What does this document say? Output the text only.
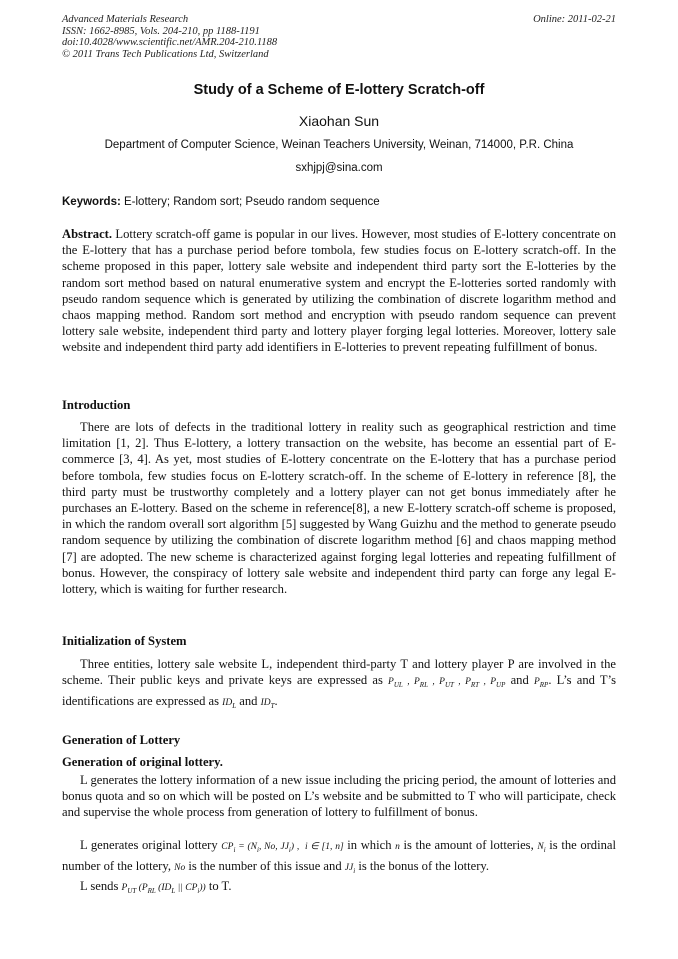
Advanced Materials Research
ISSN: 1662-8985, Vols. 204-210, pp 1188-1191
doi:10.4028/www.scientific.net/AMR.204-210.1188
© 2011 Trans Tech Publications Ltd, Switzerland
Online: 2011-02-21
Study of a Scheme of E-lottery Scratch-off
Xiaohan Sun
Department of Computer Science, Weinan Teachers University, Weinan, 714000, P.R. China
sxhjpj@sina.com
Keywords: E-lottery; Random sort; Pseudo random sequence
Abstract. Lottery scratch-off game is popular in our lives. However, most studies of E-lottery concentrate on the E-lottery that has a purchase period before tombola, few studies focus on E-lottery scratch-off. In the scheme proposed in this paper, lottery sale website and independent third party sort the E-lotteries by the random sort method based on natural enumerative system and encrypt the E-lotteries sorted randomly with pseudo random sequence which is generated by utilizing the combination of discrete logarithm method and chaos mapping method. Random sort method and encryption with pseudo random sequence can prevent lottery sale website, independent third party and lottery player forging legal lotteries. Moreover, lottery sale website and independent third party add identifiers in E-lotteries to prevent repeating fulfillment of bonus.
Introduction
There are lots of defects in the traditional lottery in reality such as geographical restriction and time limitation [1, 2]. Thus E-lottery, a lottery transaction on the website, has become an essential part of E-commerce [3, 4]. As yet, most studies of E-lottery concentrate on the E-lottery that has a purchase period before tombola, few studies focus on E-lottery scratch-off. In the scheme of E-lottery in reference [8], the third party must be trustworthy completely and a lottery player can not get bonus immediately after he purchases an E-lottery. Based on the scheme in reference[8], a new E-lottery scratch-off scheme is proposed, in which the random overall sort algorithm [5] suggested by Wang Guizhu and the method to generate pseudo random sequence by utilizing the combination of discrete logarithm method [6] and chaos mapping method [7] are adopted. The new scheme is characterized against forging legal lotteries and repeating fulfillment of bonus. However, the conspiracy of lottery sale website and independent third party can forge any legal E-lottery, which is waiting for further research.
Initialization of System
Three entities, lottery sale website L, independent third-party T and lottery player P are involved in the scheme. Their public keys and private keys are expressed as $P_{UL}$ , $P_{RL}$ , $P_{UT}$ , $P_{RT}$ , $P_{UP}$ and $P_{RP}$. L’s and T’s identifications are expressed as $ID_L$ and $ID_T$.
Generation of Lottery
Generation of original lottery.
L generates the lottery information of a new issue including the pricing period, the amount of lotteries and bonus quota and so on which will be posted on L’s website and be submitted to T who will participate, check and supervise the whole process from generation of lottery to fulfillment of bonus.
L generates original lottery $CP_i = (N_i$, No, $JJ_i$) ,  i ∈ [1, n] in which n is the amount of lotteries, $N_i$ is the ordinal number of the lottery, No is the number of this issue and $JJ_i$ is the bonus of the lottery.
L sends $P_{UT}$ ($P_{RL}$ ($ID_L$ || $CP_i$)) to T.
